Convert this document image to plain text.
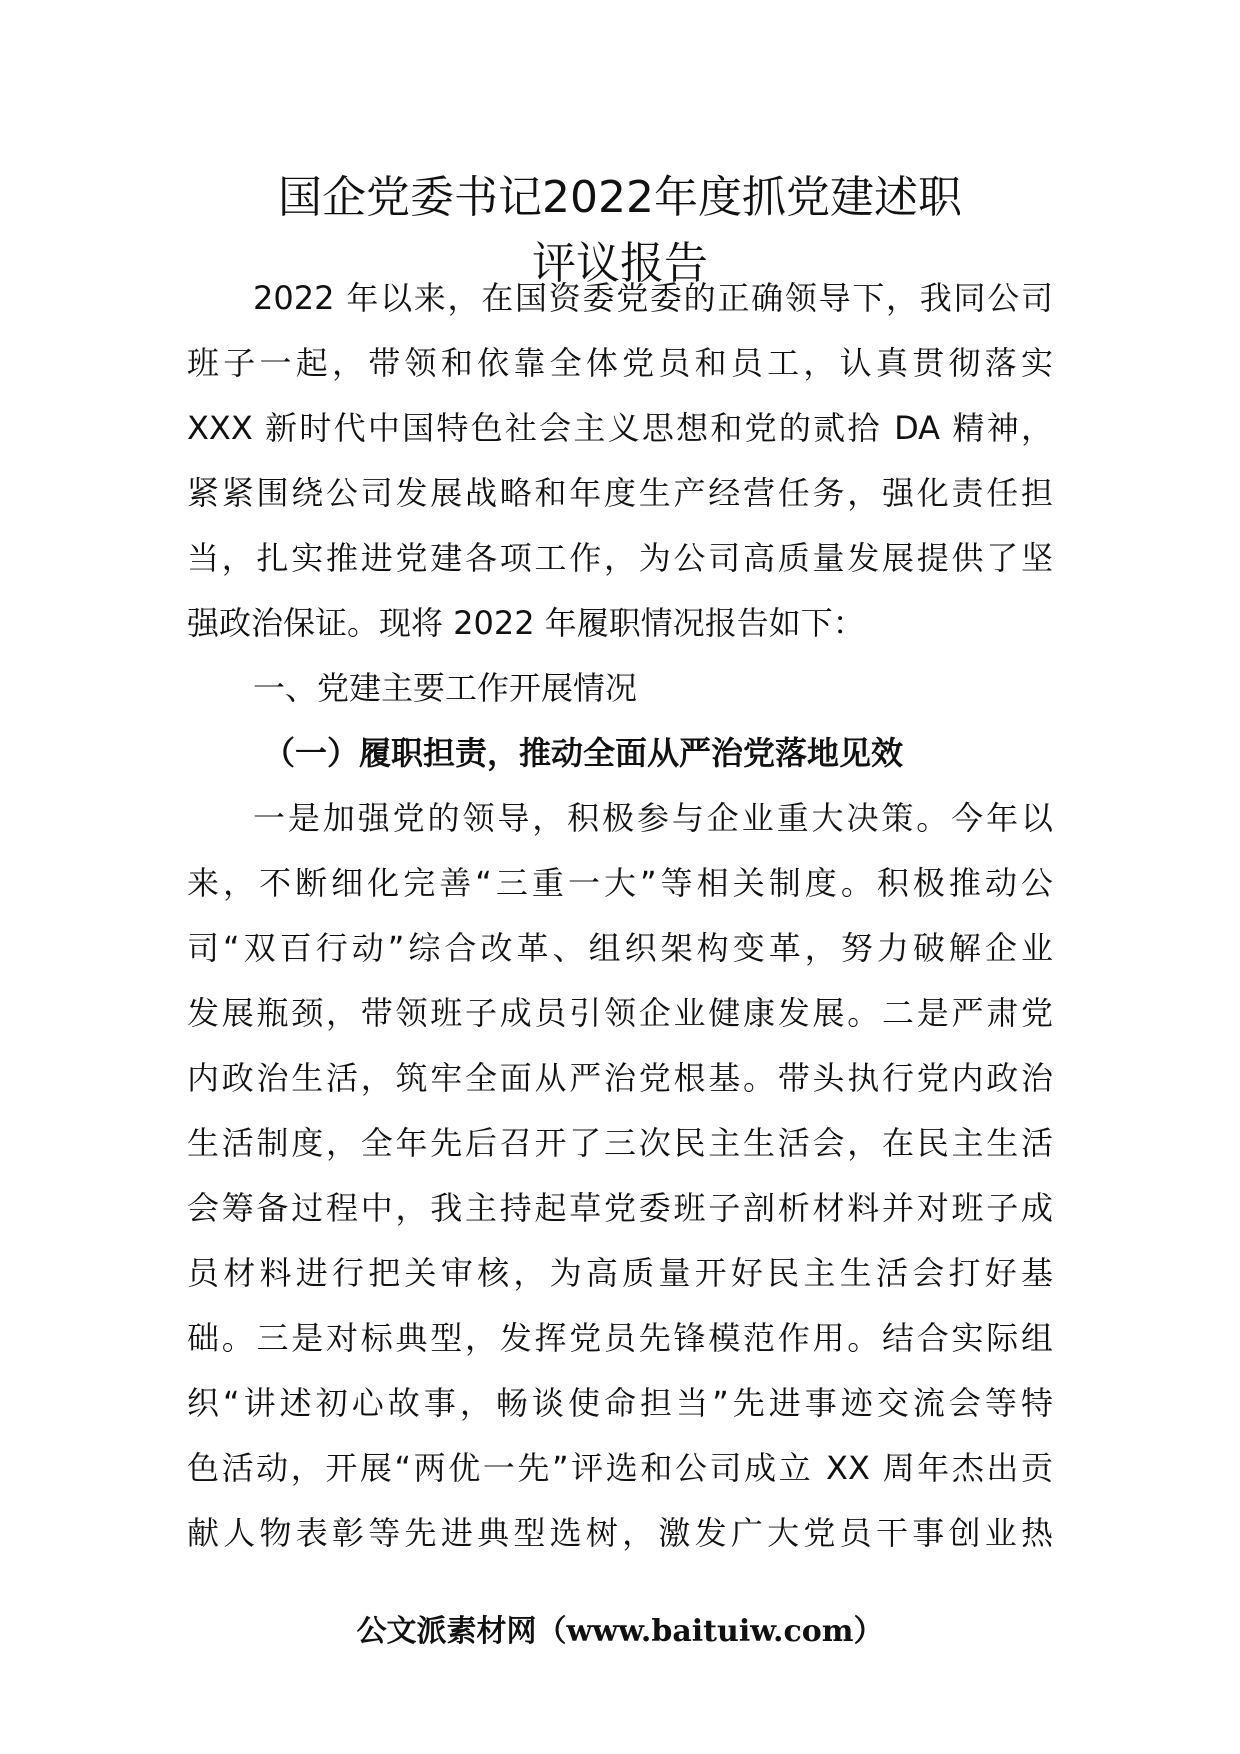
国企党委书记2022年度抓党建述职
评议报告
2022 年以来，在国资委党委的正确领导下，我同公司
班子一起，带领和依靠全体党员和员工，认真贯彻落实
XXX 新时代中国特色社会主义思想和党的贰拾 DA 精神，
紧紧围绕公司发展战略和年度生产经营任务，强化责任担
当，扎实推进党建各项工作，为公司高质量发展提供了坚
强政治保证。现将 2022 年履职情况报告如下：
一、党建主要工作开展情况
（一）履职担责，推动全面从严治党落地见效
一是加强党的领导，积极参与企业重大决策。今年以
来，不断细化完善“三重一大”等相关制度。积极推动公
司“双百行动”综合改革、组织架构变革，努力破解企业
发展瓶颈，带领班子成员引领企业健康发展。二是严肃党
内政治生活，筑牢全面从严治党根基。带头执行党内政治
生活制度，全年先后召开了三次民主生活会，在民主生活
会筹备过程中，我主持起草党委班子剖析材料并对班子成
员材料进行把关审核，为高质量开好民主生活会打好基
础。三是对标典型，发挥党员先锋模范作用。结合实际组
织“讲述初心故事，畅谈使命担当”先进事迹交流会等特
色活动，开展“两优一先”评选和公司成立 XX 周年杰出贡
献人物表彰等先进典型选树，激发广大党员干事创业热
公文派素材网（www.baituiw.com）
